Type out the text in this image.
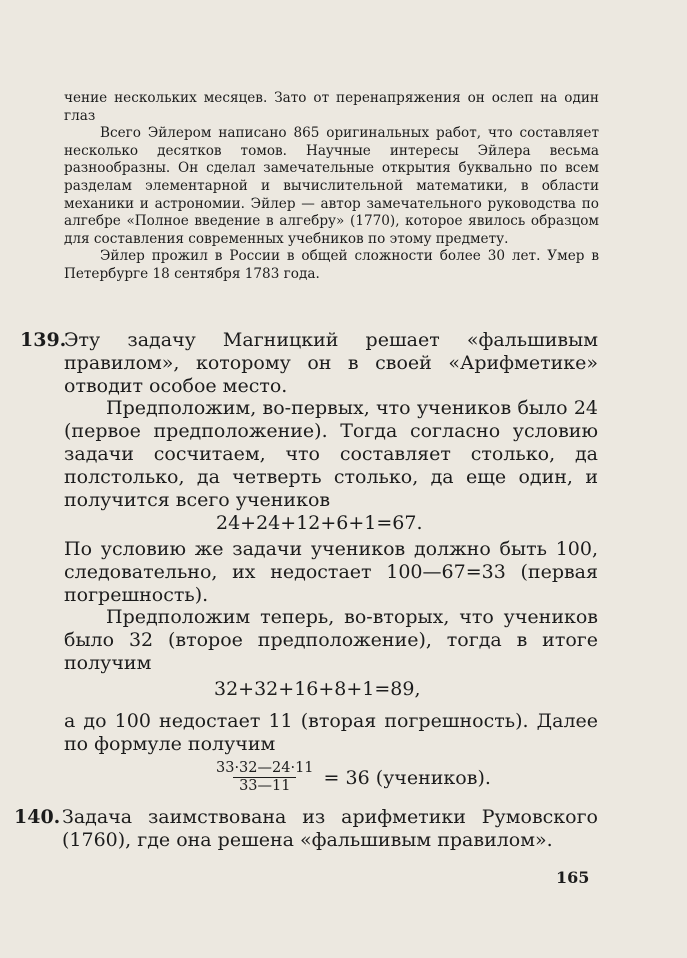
чение нескольких месяцев. Зато от перенапряжения он ослеп на один глаз

Всего Эйлером написано 865 оригинальных работ, что составляет несколько десятков томов. Научные интересы Эйлера весьма разнообразны. Он сделал замечательные открытия буквально по всем разделам элементарной и вычислительной математики, в области механики и астрономии. Эйлер — автор замечательного руководства по алгебре «Полное введение в алгебру» (1770), которое явилось образцом для составления современных учебников по этому предмету.

Эйлер прожил в России в общей сложности более 30 лет. Умер в Петербурге 18 сентября 1783 года.

139.

Эту задачу Магницкий решает «фальшивым правилом», которому он в своей «Арифметике» отводит особое место.

Предположим, во-первых, что учеников было 24 (первое предположение). Тогда согласно условию задачи сосчитаем, что составляет столько, да полстолько, да четверть столько, да еще один, и получится всего учеников

24+24+12+6+1=67.

По условию же задачи учеников должно быть 100, следовательно, их недостает 100—67=33 (первая погрешность).

Предположим теперь, во-вторых, что учеников было 32 (второе предположение), тогда в итоге получим

32+32+16+8+1=89,

а до 100 недостает 11 (вторая погрешность). Далее по формуле получим

$\frac{33\cdot 32—24\cdot 11}{33—11} = 36$ (учеников).
140. Задача заимствована из арифметики Румовского (1760), где она решена «фальшивым правилом».

165
